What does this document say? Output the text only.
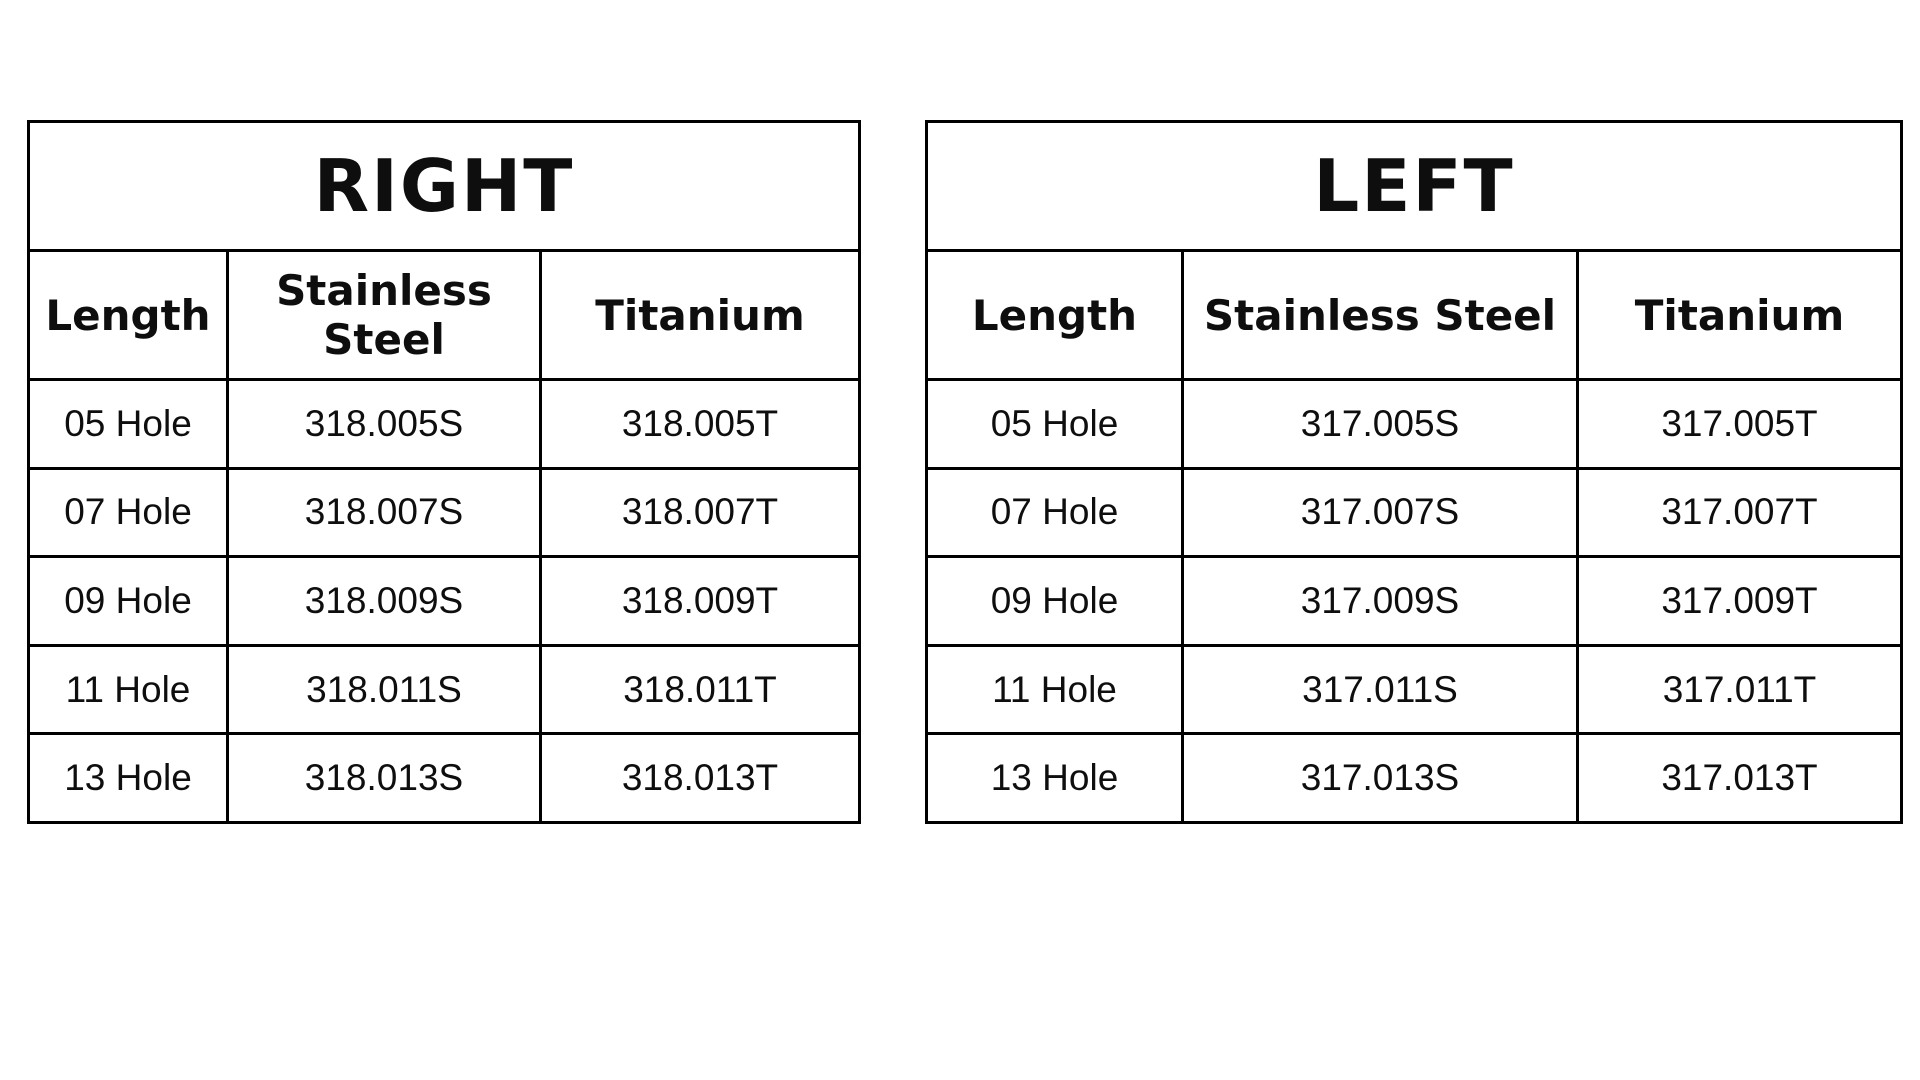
RIGHT
Length	Stainless Steel	Titanium
05 Hole	318.005S	318.005T
07 Hole	318.007S	318.007T
09 Hole	318.009S	318.009T
11 Hole	318.011S	318.011T
13 Hole	318.013S	318.013T
LEFT
Length	Stainless Steel	Titanium
05 Hole	317.005S	317.005T
07 Hole	317.007S	317.007T
09 Hole	317.009S	317.009T
11 Hole	317.011S	317.011T
13 Hole	317.013S	317.013T
